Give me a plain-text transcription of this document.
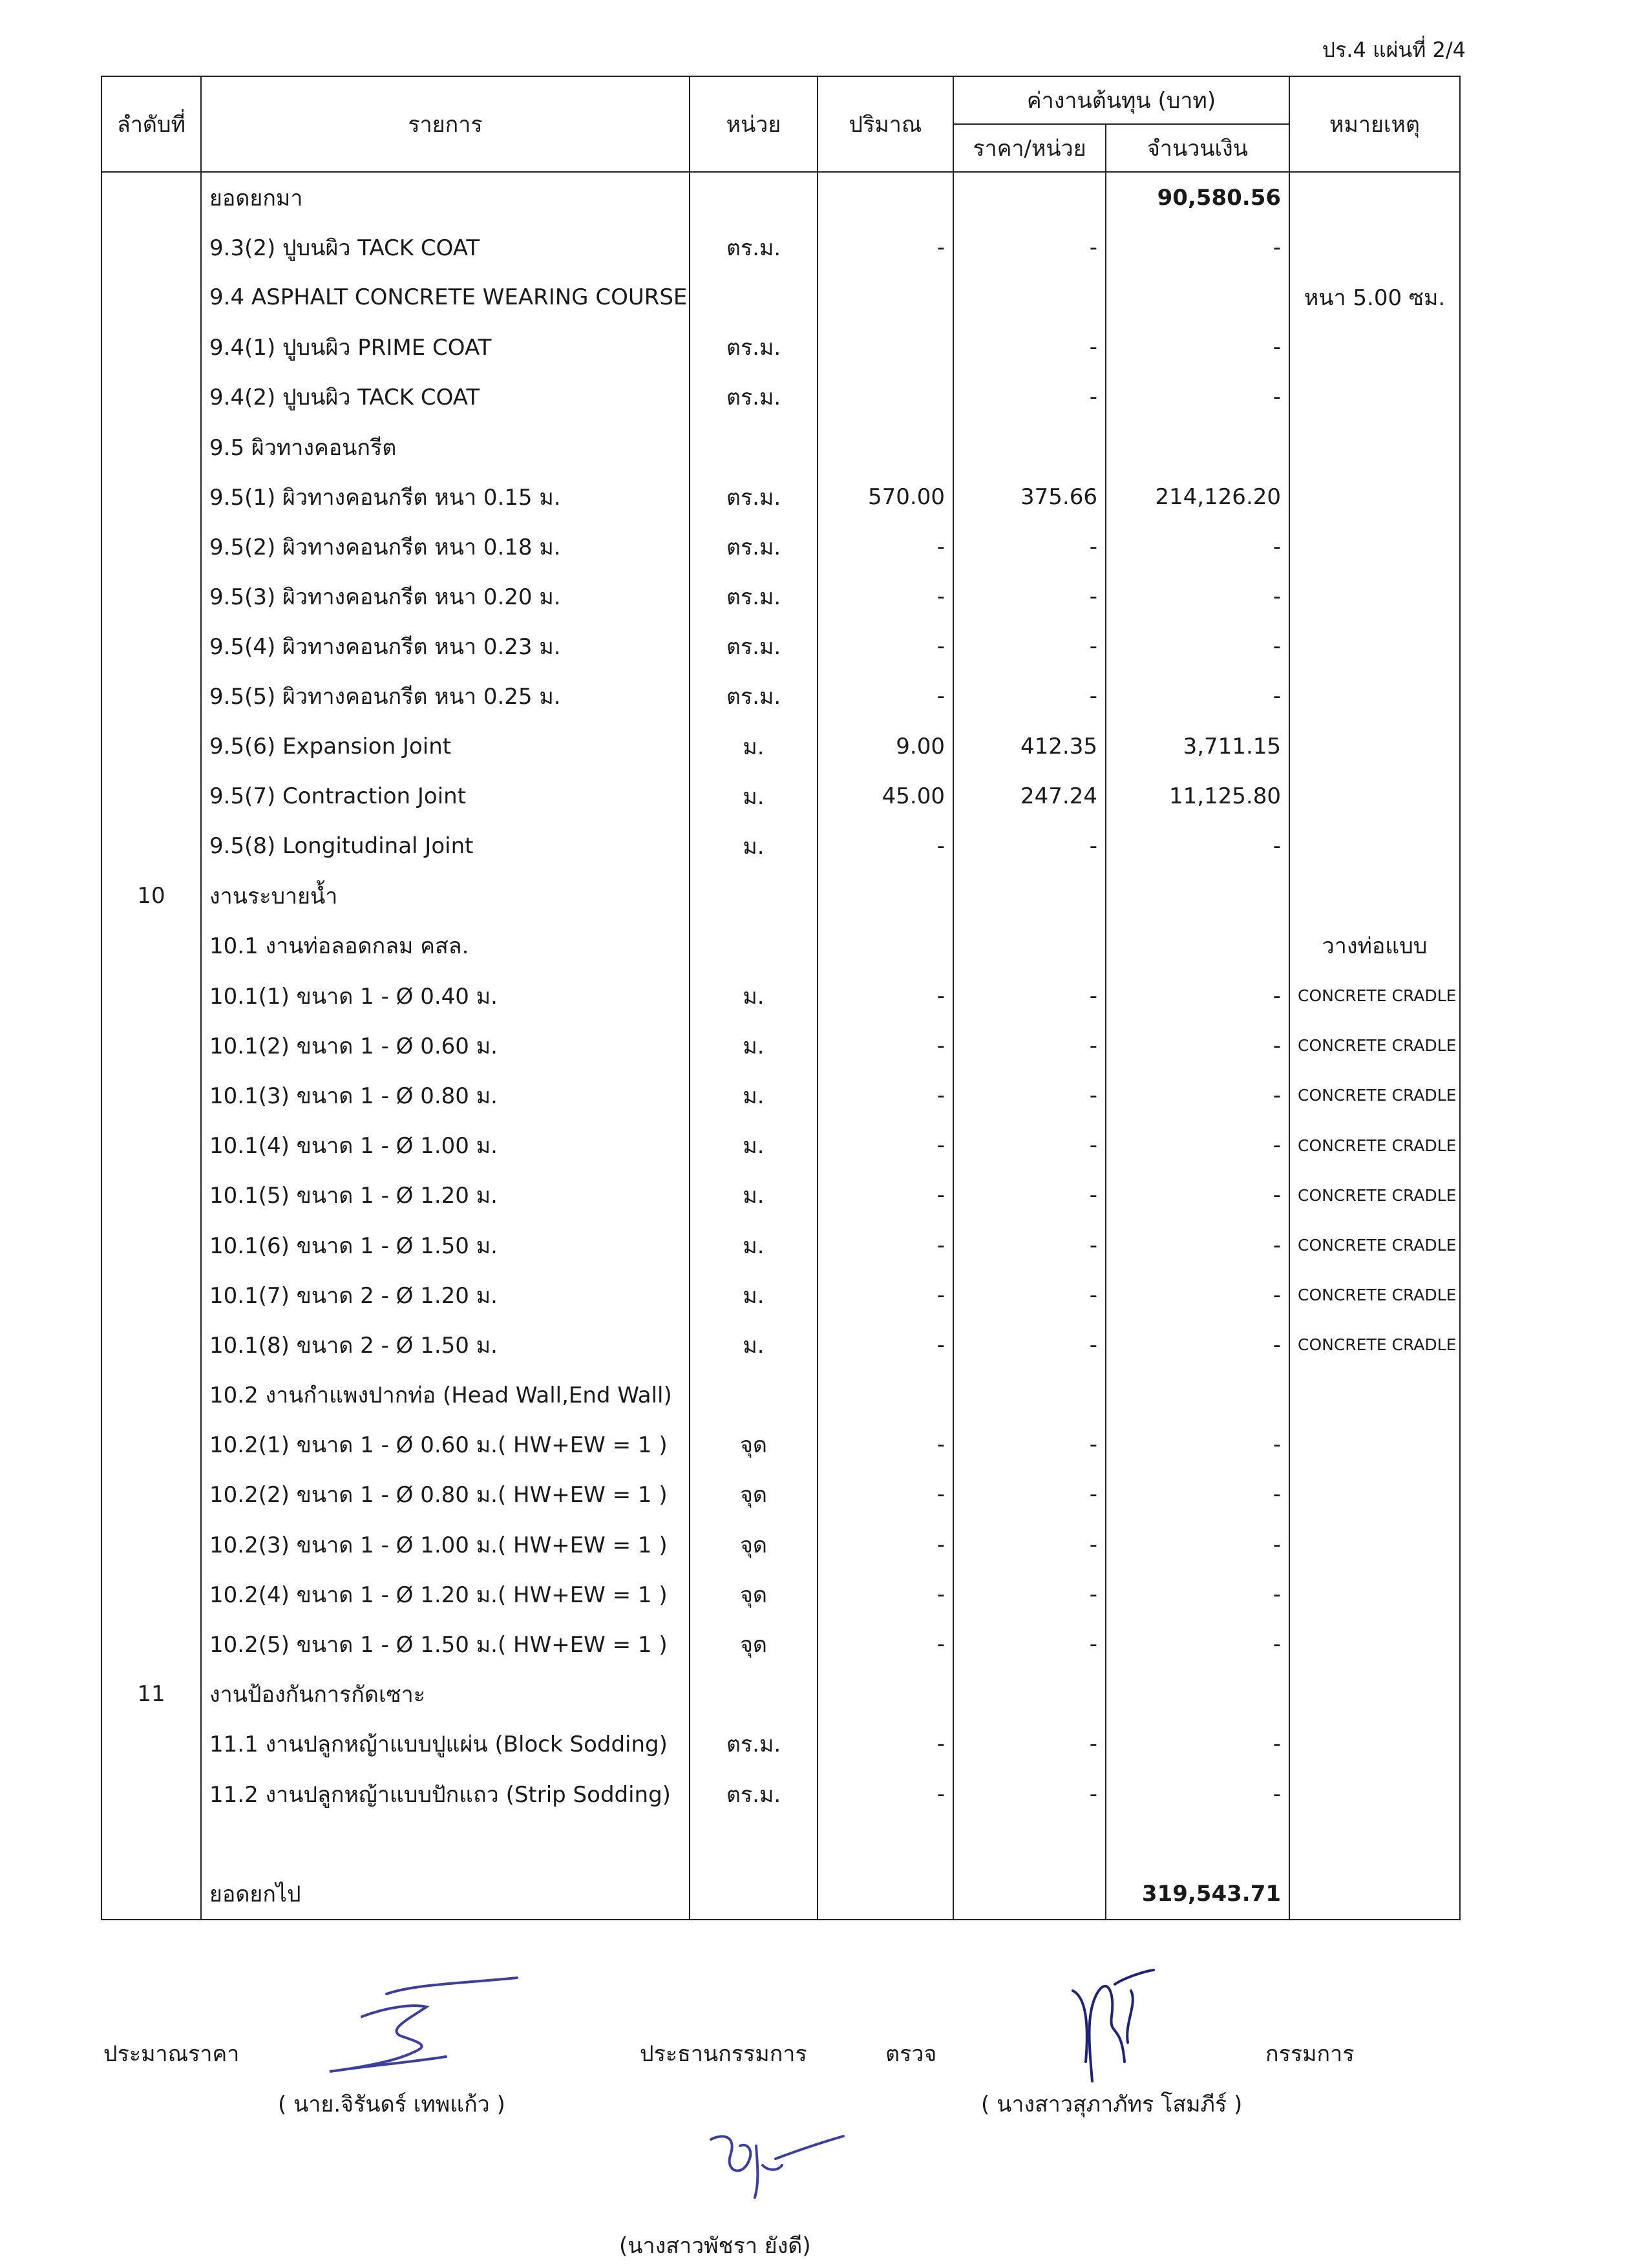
ปร.4 แผ่นที่ 2/4
ลำดับที่	รายการ	หน่วย	ปริมาณ	ค่างานต้นทุน (บาท)		หมายเหตุ
				ราคา/หน่วย	จำนวนเงิน	
	ยอดยกมา				90,580.56	
	9.3(2) ปูบนผิว TACK COAT	ตร.ม.	-	-	-	
	9.4 ASPHALT CONCRETE WEARING COURSE					หนา 5.00 ซม.
	9.4(1) ปูบนผิว PRIME COAT	ตร.ม.		-	-	
	9.4(2) ปูบนผิว TACK COAT	ตร.ม.		-	-	
	9.5 ผิวทางคอนกรีต					
	9.5(1) ผิวทางคอนกรีต หนา 0.15 ม.	ตร.ม.	570.00	375.66	214,126.20	
	9.5(2) ผิวทางคอนกรีต หนา 0.18 ม.	ตร.ม.	-	-	-	
	9.5(3) ผิวทางคอนกรีต หนา 0.20 ม.	ตร.ม.	-	-	-	
	9.5(4) ผิวทางคอนกรีต หนา 0.23 ม.	ตร.ม.	-	-	-	
	9.5(5) ผิวทางคอนกรีต หนา 0.25 ม.	ตร.ม.	-	-	-	
	9.5(6) Expansion Joint	ม.	9.00	412.35	3,711.15	
	9.5(7) Contraction Joint	ม.	45.00	247.24	11,125.80	
	9.5(8) Longitudinal Joint	ม.	-	-	-	
10	งานระบายน้ำ					
	10.1 งานท่อลอดกลม คสล.					วางท่อแบบ
	10.1(1) ขนาด 1 - Ø 0.40 ม.	ม.	-	-	-	CONCRETE CRADLE
	10.1(2) ขนาด 1 - Ø 0.60 ม.	ม.	-	-	-	CONCRETE CRADLE
	10.1(3) ขนาด 1 - Ø 0.80 ม.	ม.	-	-	-	CONCRETE CRADLE
	10.1(4) ขนาด 1 - Ø 1.00 ม.	ม.	-	-	-	CONCRETE CRADLE
	10.1(5) ขนาด 1 - Ø 1.20 ม.	ม.	-	-	-	CONCRETE CRADLE
	10.1(6) ขนาด 1 - Ø 1.50 ม.	ม.	-	-	-	CONCRETE CRADLE
	10.1(7) ขนาด 2 - Ø 1.20 ม.	ม.	-	-	-	CONCRETE CRADLE
	10.1(8) ขนาด 2 - Ø 1.50 ม.	ม.	-	-	-	CONCRETE CRADLE
	10.2 งานกำแพงปากท่อ (Head Wall,End Wall)					
	10.2(1) ขนาด 1 - Ø 0.60 ม.( HW+EW = 1 )	จุด	-	-	-	
	10.2(2) ขนาด 1 - Ø 0.80 ม.( HW+EW = 1 )	จุด	-	-	-	
	10.2(3) ขนาด 1 - Ø 1.00 ม.( HW+EW = 1 )	จุด	-	-	-	
	10.2(4) ขนาด 1 - Ø 1.20 ม.( HW+EW = 1 )	จุด	-	-	-	
	10.2(5) ขนาด 1 - Ø 1.50 ม.( HW+EW = 1 )	จุด	-	-	-	
11	งานป้องกันการกัดเซาะ					
	11.1 งานปลูกหญ้าแบบปูแผ่น (Block Sodding)	ตร.ม.	-	-	-	
	11.2 งานปลูกหญ้าแบบปักแถว (Strip Sodding)	ตร.ม.	-	-	-	

	ยอดยกไป				319,543.71	
ประมาณราคา
( นาย.จิรันดร์ เทพแก้ว )
ประธานกรรมการ	ตรวจ	กรรมการ
( นางสาวสุภาภัทร โสมภีร์ )
(นางสาวพัชรา ยังดี)
